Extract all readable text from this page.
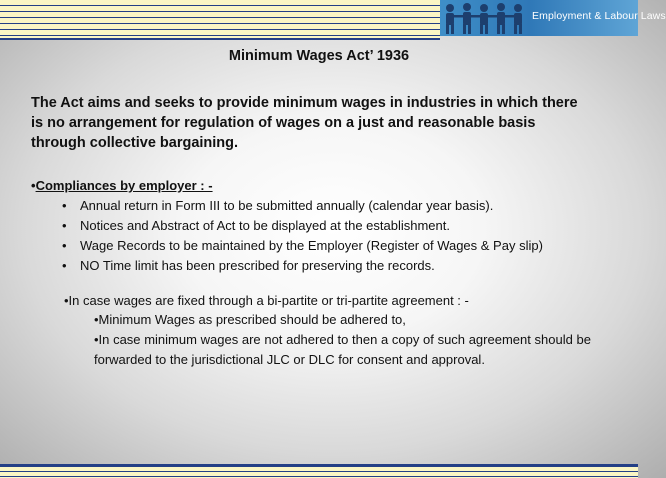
Employment & Labour Laws
Minimum Wages Act’ 1936
The Act aims and seeks to provide minimum wages in industries in which there is no arrangement for regulation of wages on a just and reasonable basis through collective bargaining.
•Compliances by employer : -
• Annual return in Form III to be submitted annually (calendar year basis).
• Notices and Abstract of Act to be displayed at the establishment.
• Wage Records to be maintained by the Employer (Register of Wages & Pay slip)
• NO Time limit has been prescribed for preserving the records.
•In case wages are fixed through a bi-partite or tri-partite agreement : -
•Minimum Wages as prescribed should be adhered to,
•In case minimum wages are not adhered to then a copy of such agreement should be forwarded to the jurisdictional JLC or DLC for consent and approval.
